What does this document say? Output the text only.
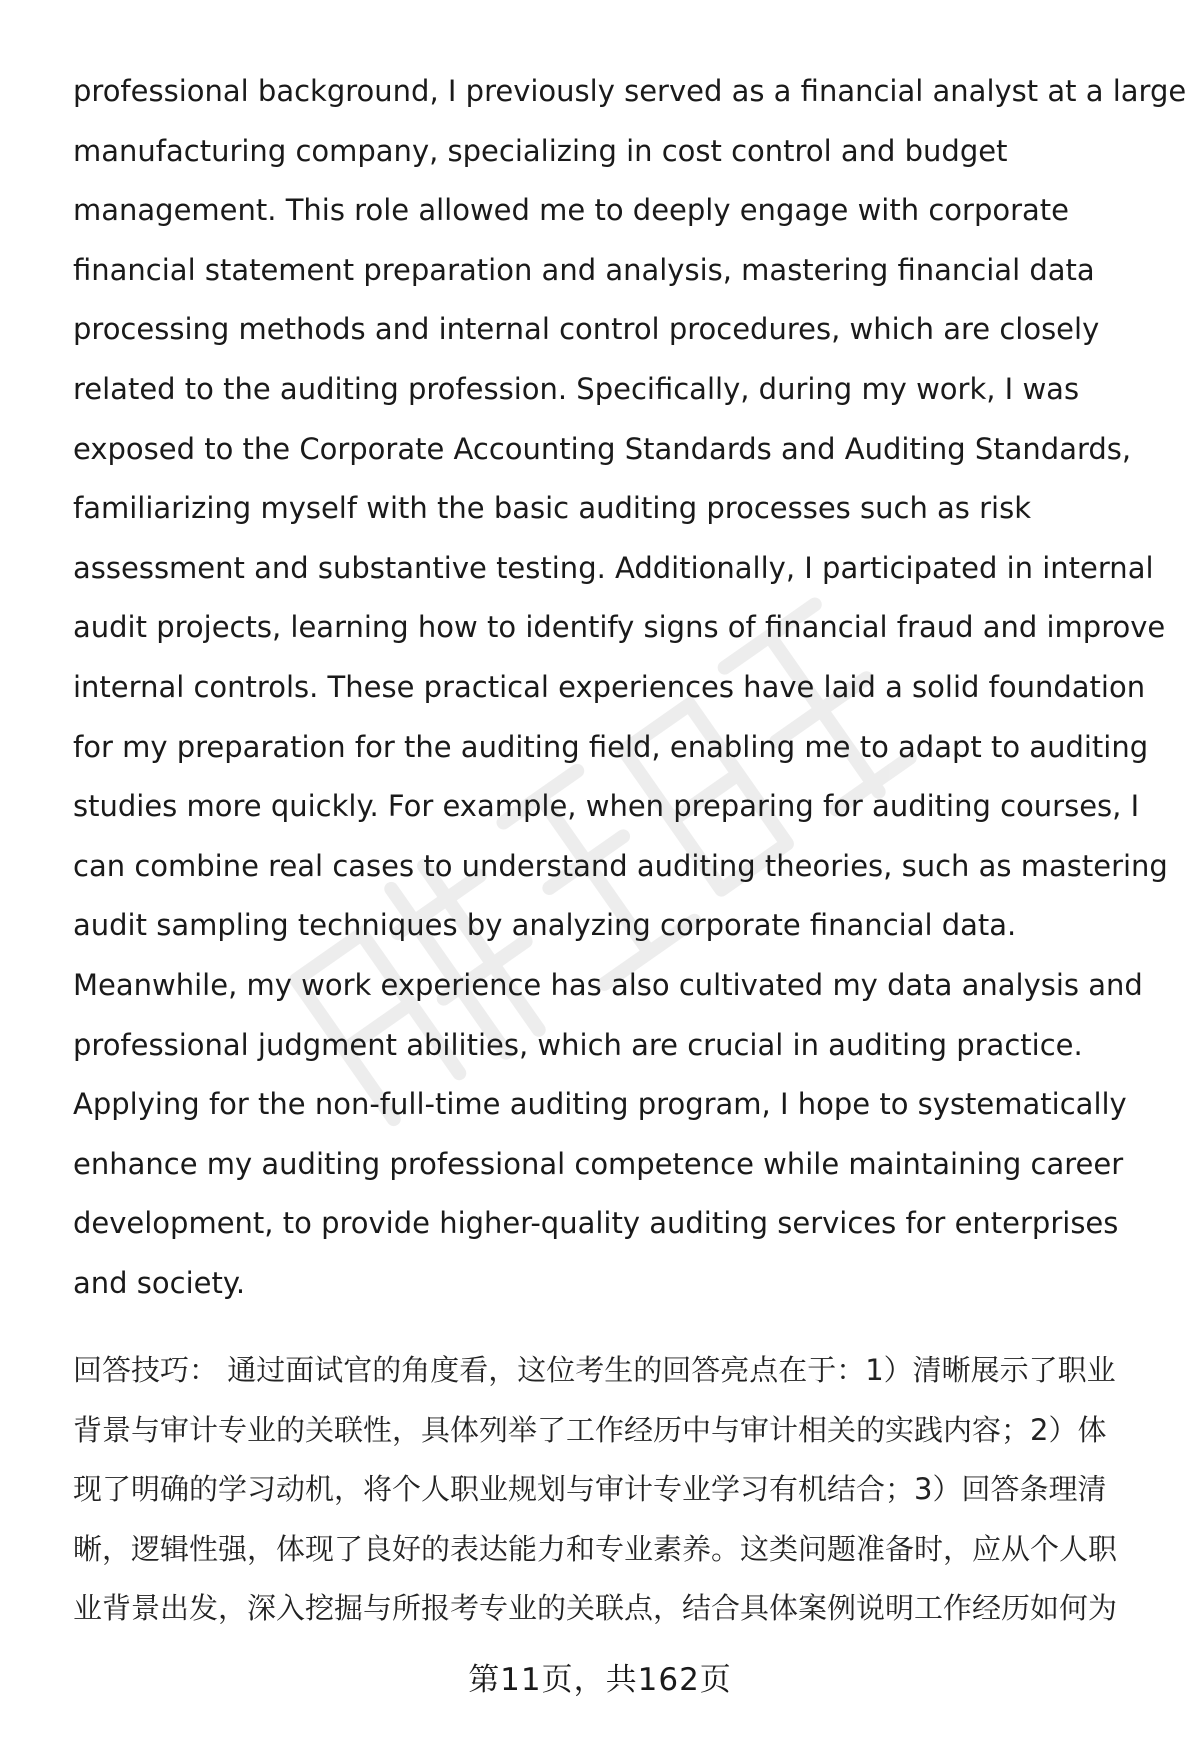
professional background, I previously served as a financial analyst at a large
manufacturing company, specializing in cost control and budget
management. This role allowed me to deeply engage with corporate
financial statement preparation and analysis, mastering financial data
processing methods and internal control procedures, which are closely
related to the auditing profession. Specifically, during my work, I was
exposed to the Corporate Accounting Standards and Auditing Standards,
familiarizing myself with the basic auditing processes such as risk
assessment and substantive testing. Additionally, I participated in internal
audit projects, learning how to identify signs of financial fraud and improve
internal controls. These practical experiences have laid a solid foundation
for my preparation for the auditing field, enabling me to adapt to auditing
studies more quickly. For example, when preparing for auditing courses, I
can combine real cases to understand auditing theories, such as mastering
audit sampling techniques by analyzing corporate financial data.
Meanwhile, my work experience has also cultivated my data analysis and
professional judgment abilities, which are crucial in auditing practice.
Applying for the non-full-time auditing program, I hope to systematically
enhance my auditing professional competence while maintaining career
development, to provide higher-quality auditing services for enterprises
and society.
回答技巧： 通过面试官的角度看，这位考生的回答亮点在于：1）清晰展示了职业
背景与审计专业的关联性，具体列举了工作经历中与审计相关的实践内容；2）体
现了明确的学习动机，将个人职业规划与审计专业学习有机结合；3）回答条理清
晰，逻辑性强，体现了良好的表达能力和专业素养。这类问题准备时，应从个人职
业背景出发，深入挖掘与所报考专业的关联点，结合具体案例说明工作经历如何为
第11页，共162页
